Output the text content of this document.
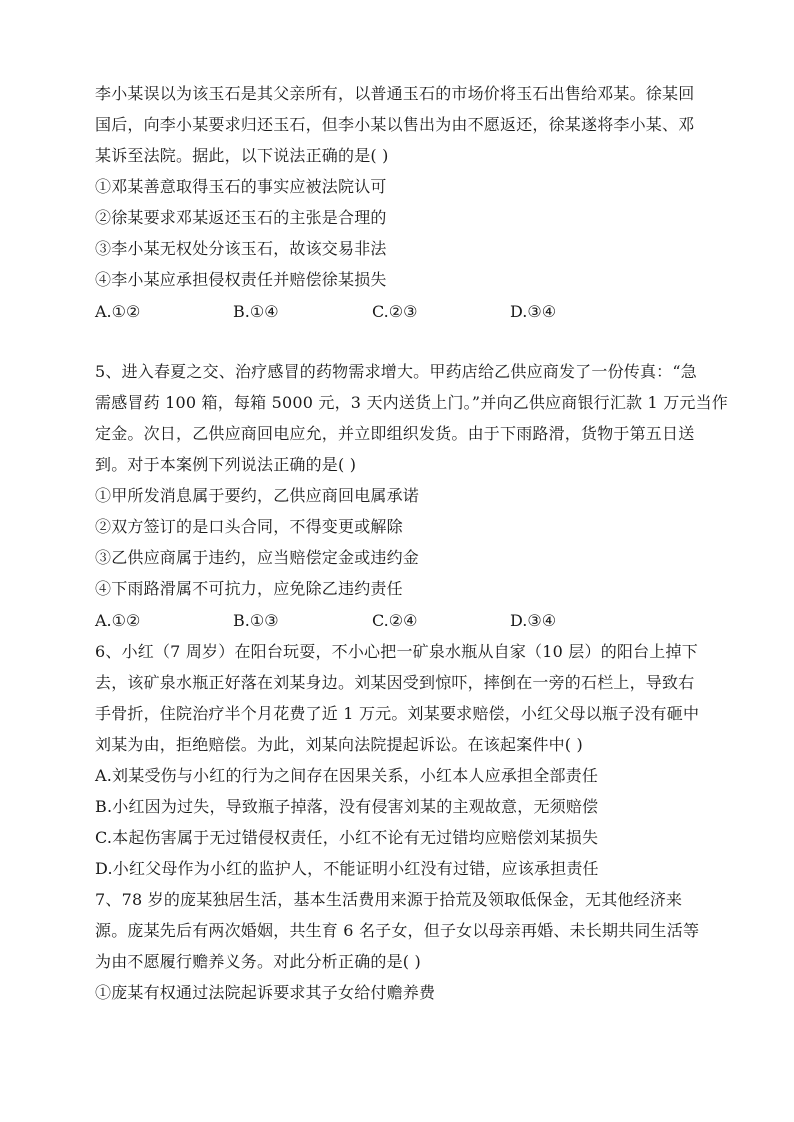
李小某误以为该玉石是其父亲所有，以普通玉石的市场价将玉石出售给邓某。徐某回
国后，向李小某要求归还玉石，但李小某以售出为由不愿返还，徐某遂将李小某、邓
某诉至法院。据此，以下说法正确的是( )
①邓某善意取得玉石的事实应被法院认可
②徐某要求邓某返还玉石的主张是合理的
③李小某无权处分该玉石，故该交易非法
④李小某应承担侵权责任并赔偿徐某损失
A.①②	B.①④	C.②③	D.③④
5、进入春夏之交、治疗感冒的药物需求增大。甲药店给乙供应商发了一份传真：“急
需感冒药 100 箱，每箱 5000 元，3 天内送货上门。”并向乙供应商银行汇款 1 万元当作
定金。次日，乙供应商回电应允，并立即组织发货。由于下雨路滑，货物于第五日送
到。对于本案例下列说法正确的是( )
①甲所发消息属于要约，乙供应商回电属承诺
②双方签订的是口头合同，不得变更或解除
③乙供应商属于违约，应当赔偿定金或违约金
④下雨路滑属不可抗力，应免除乙违约责任
A.①②	B.①③	C.②④	D.③④
6、小红（7 周岁）在阳台玩耍，不小心把一矿泉水瓶从自家（10 层）的阳台上掉下
去，该矿泉水瓶正好落在刘某身边。刘某因受到惊吓，摔倒在一旁的石栏上，导致右
手骨折，住院治疗半个月花费了近 1 万元。刘某要求赔偿，小红父母以瓶子没有砸中
刘某为由，拒绝赔偿。为此，刘某向法院提起诉讼。在该起案件中( )
A.刘某受伤与小红的行为之间存在因果关系，小红本人应承担全部责任
B.小红因为过失，导致瓶子掉落，没有侵害刘某的主观故意，无须赔偿
C.本起伤害属于无过错侵权责任，小红不论有无过错均应赔偿刘某损失
D.小红父母作为小红的监护人，不能证明小红没有过错，应该承担责任
7、78 岁的庞某独居生活，基本生活费用来源于拾荒及领取低保金，无其他经济来
源。庞某先后有两次婚姻，共生育 6 名子女，但子女以母亲再婚、未长期共同生活等
为由不愿履行赡养义务。对此分析正确的是( )
①庞某有权通过法院起诉要求其子女给付赡养费
